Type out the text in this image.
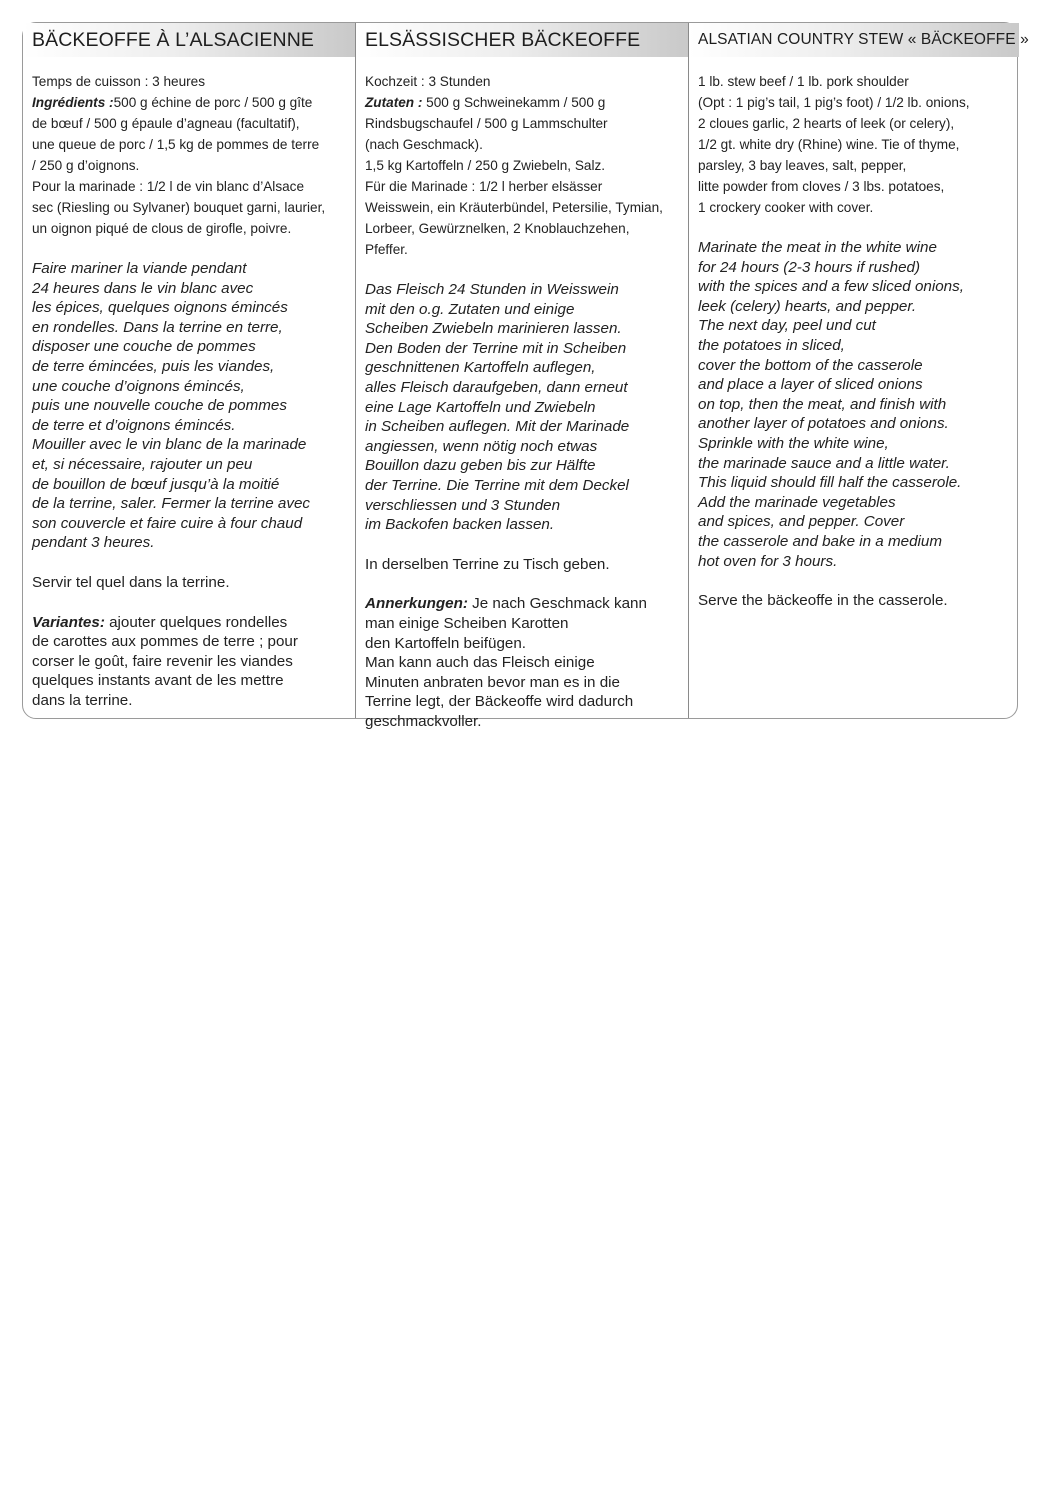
BÄCKEOFFE À L’ALSACIENNE
Temps de cuisson : 3 heures
Ingrédients :500 g échine de porc / 500 g gîte
de bœuf / 500 g épaule d’agneau (facultatif),
une queue de porc / 1,5 kg de pommes de terre
/ 250 g d’oignons.
Pour la marinade : 1/2 l de vin blanc d’Alsace
sec (Riesling ou Sylvaner) bouquet garni, laurier,
un oignon piqué de clous de girofle, poivre.
Faire mariner la viande pendant
24 heures dans le vin blanc avec
les épices, quelques oignons émincés
en rondelles. Dans la terrine en terre,
disposer une couche de pommes
de terre émincées, puis les viandes,
une couche d’oignons émincés,
puis une nouvelle couche de pommes
de terre et d’oignons émincés.
Mouiller avec le vin blanc de la marinade
et, si nécessaire, rajouter un peu
de bouillon de bœuf jusqu’à la moitié
de la terrine, saler. Fermer la terrine avec
son couvercle et faire cuire à four chaud
pendant 3 heures.
Servir tel quel dans la terrine.
Variantes: ajouter quelques rondelles
de carottes aux pommes de terre ; pour
corser le goût, faire revenir les viandes
quelques instants avant de les mettre
dans la terrine.
ELSÄSSISCHER BÄCKEOFFE
Kochzeit : 3 Stunden
Zutaten : 500 g Schweinekamm / 500 g
Rindsbugschaufel / 500 g Lammschulter
(nach Geschmack).
1,5 kg Kartoffeln / 250 g Zwiebeln, Salz.
Für die Marinade : 1/2 l herber elsässer
Weisswein, ein Kräuterbündel, Petersilie, Tymian,
Lorbeer, Gewürznelken, 2 Knoblauchzehen,
Pfeffer.
Das Fleisch 24 Stunden in Weisswein
mit den o.g. Zutaten und einige
Scheiben Zwiebeln marinieren lassen.
Den Boden der Terrine mit in Scheiben
geschnittenen Kartoffeln auflegen,
alles Fleisch daraufgeben, dann erneut
eine Lage Kartoffeln und Zwiebeln
in Scheiben auflegen. Mit der Marinade
angiessen, wenn nötig noch etwas
Bouillon dazu geben bis zur Hälfte
der Terrine. Die Terrine mit dem Deckel
verschliessen und 3 Stunden
im Backofen backen lassen.
In derselben Terrine zu Tisch geben.
Annerkungen: Je nach Geschmack kann
man einige Scheiben Karotten
den Kartoffeln beifügen.
Man kann auch das Fleisch einige
Minuten anbraten bevor man es in die
Terrine legt, der Bäckeoffe wird dadurch
geschmackvoller.
ALSATIAN COUNTRY STEW « BÄCKEOFFE »
1 lb. stew beef / 1 lb. pork shoulder
(Opt : 1 pig’s tail, 1 pig’s foot) / 1/2 lb. onions,
2 cloues garlic, 2 hearts of leek (or celery),
1/2 gt. white dry (Rhine) wine. Tie of thyme,
parsley, 3 bay leaves, salt, pepper,
litte powder from cloves / 3 lbs. potatoes,
1 crockery cooker with cover.
Marinate the meat in the white wine
for 24 hours (2-3 hours if rushed)
with the spices and a few sliced onions,
leek (celery) hearts, and pepper.
The next day, peel und cut
the potatoes in sliced,
cover the bottom of the casserole
and place a layer of sliced onions
on top, then the meat, and finish with
another layer of potatoes and onions.
Sprinkle with the white wine,
the marinade sauce and a little water.
This liquid should fill half the casserole.
Add the marinade vegetables
and spices, and pepper. Cover
the casserole and bake in a medium
hot oven for 3 hours.
Serve the bäckeoffe in the casserole.
